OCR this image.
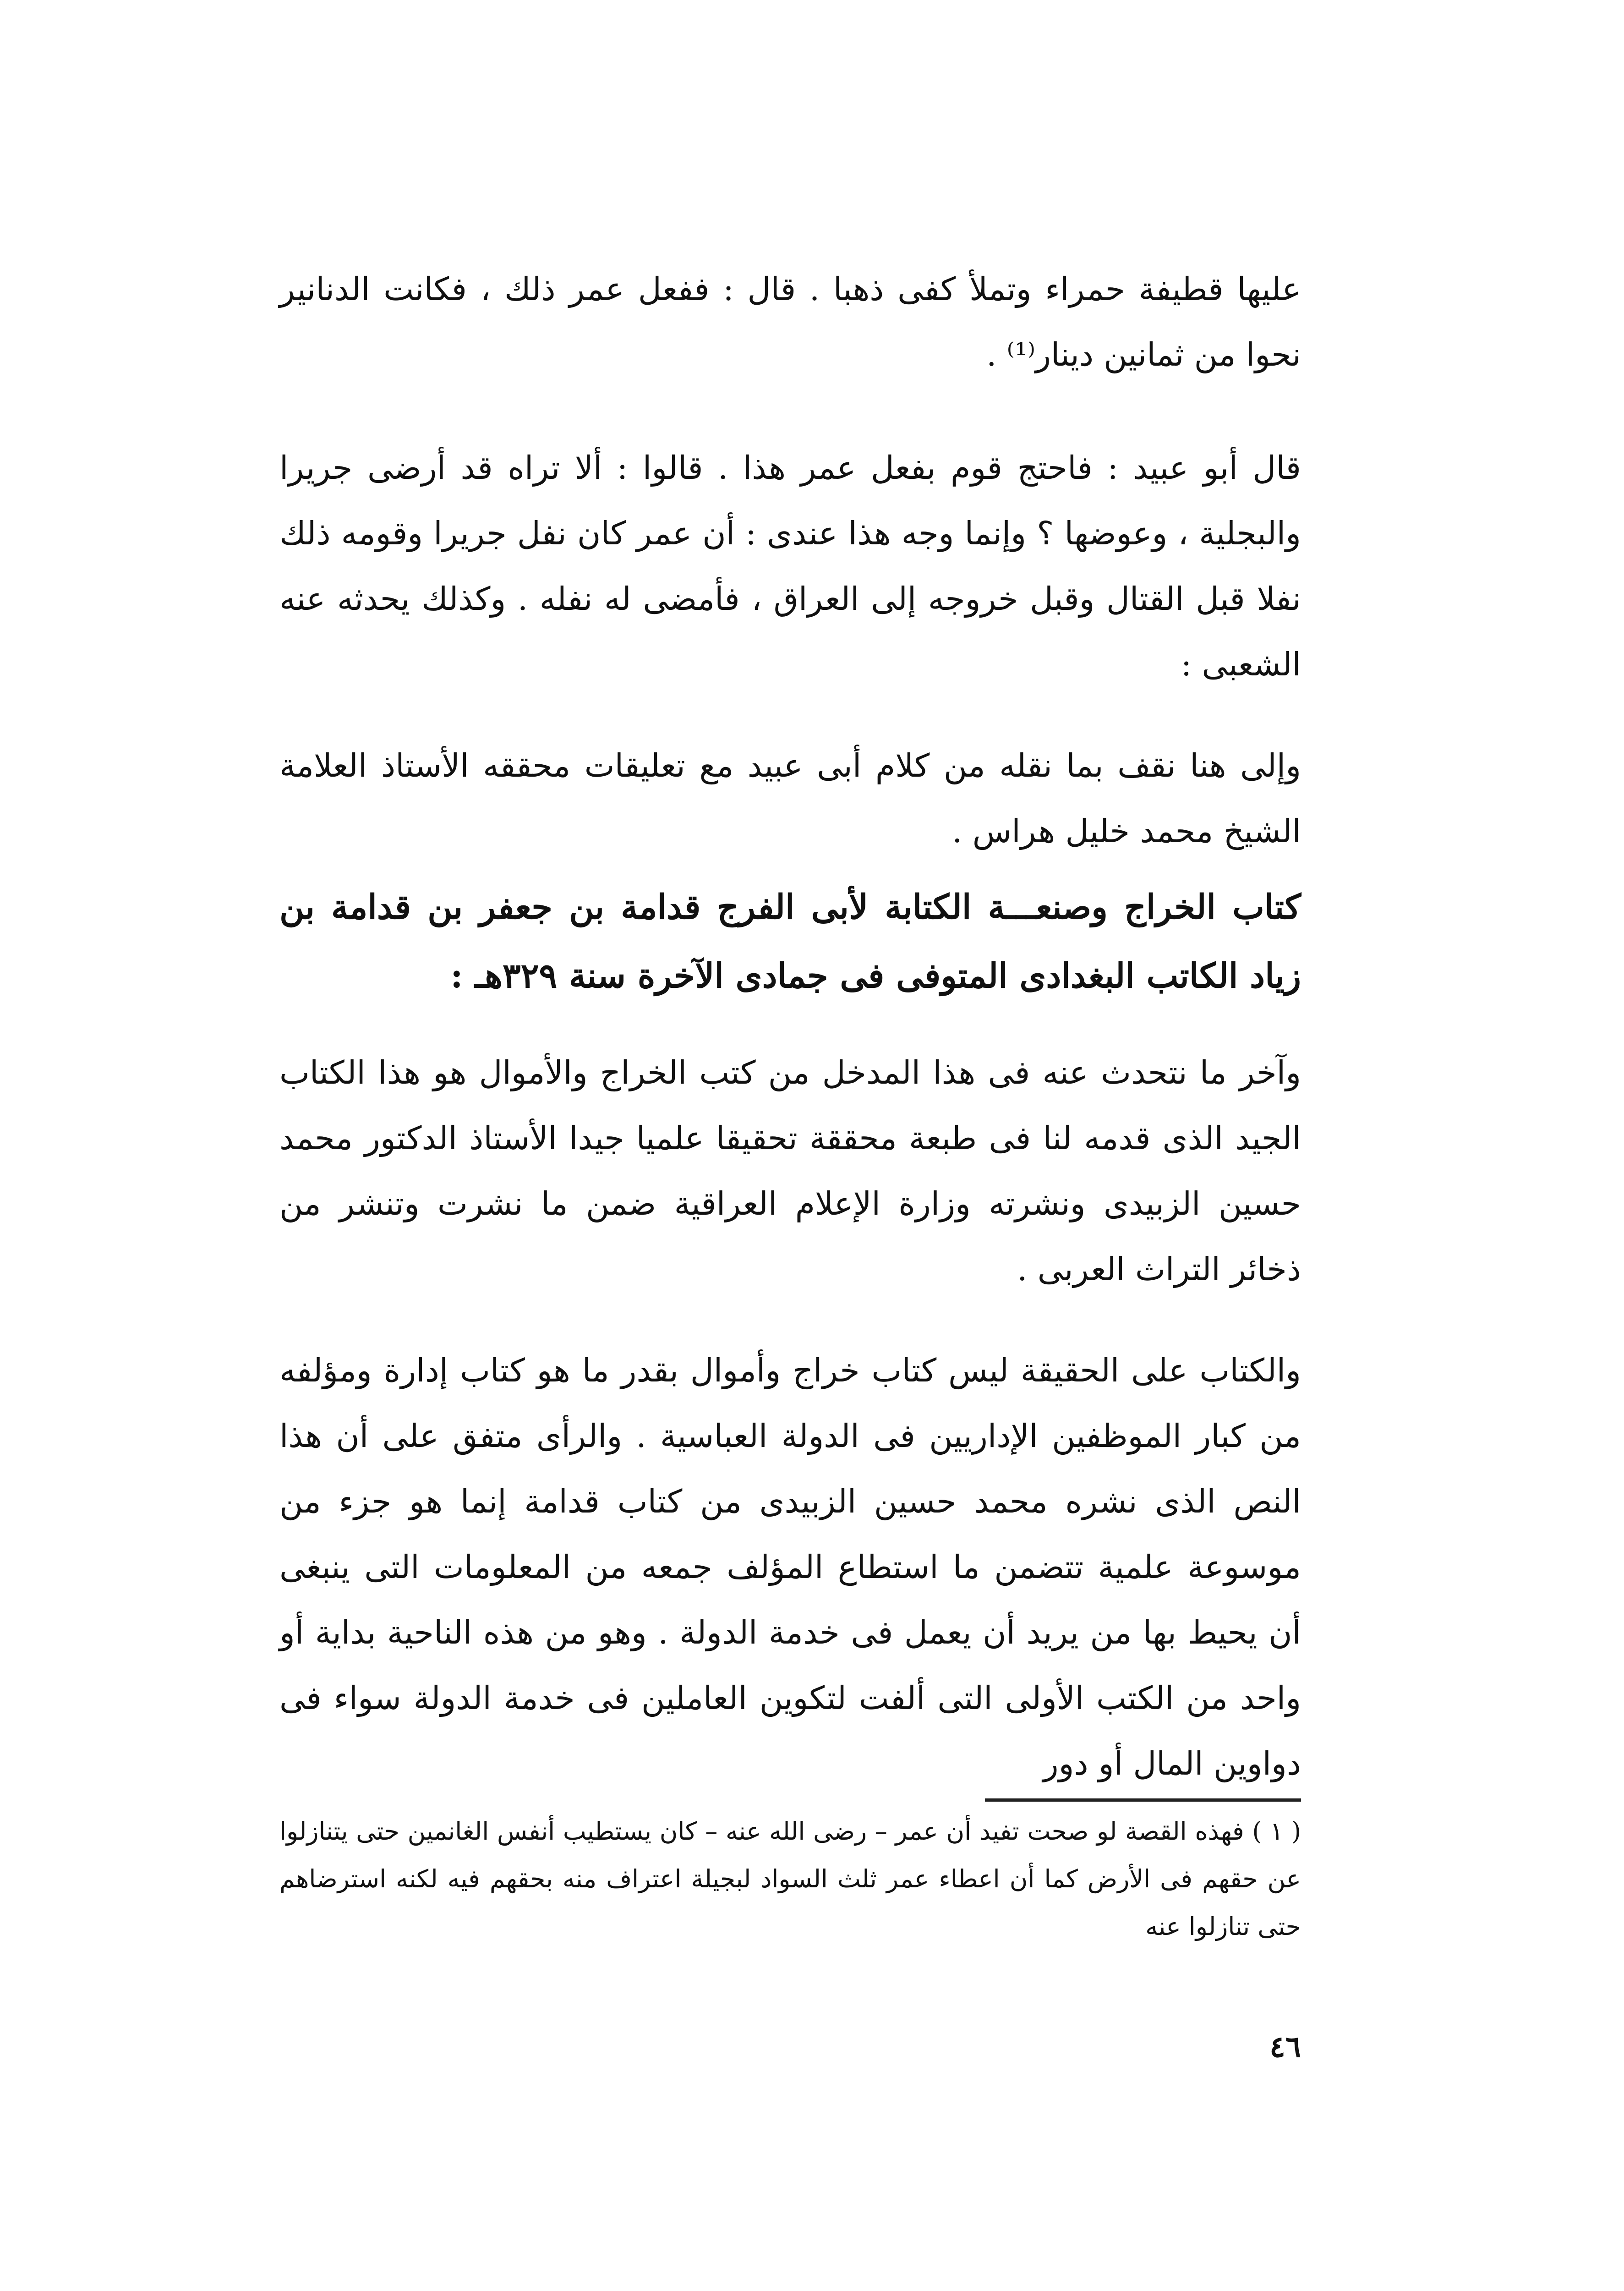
عليها قطيفة حمراء وتملأ كفى ذهبا . قال : ففعل عمر ذلك ، فكانت الدنانير نحوا من ثمانين دينار⁽¹⁾ .

قال أبو عبيد : فاحتج قوم بفعل عمر هذا . قالوا : ألا تراه قد أرضى جريرا والبجلية ، وعوضها ؟ وإنما وجه هذا عندى : أن عمر كان نفل جريرا وقومه ذلك نفلا قبل القتال وقبل خروجه إلى العراق ، فأمضى له نفله . وكذلك يحدثه عنه الشعبى :

وإلى هنا نقف بما نقله من كلام أبى عبيد مع تعليقات محققه الأستاذ العلامة الشيخ محمد خليل هراس .

كتاب الخراج وصنعـــة الكتابة لأبى الفرج قدامة بن جعفر بن قدامة بن زياد الكاتب البغدادى المتوفى فى جمادى الآخرة سنة ٣٢٩هـ :

وآخر ما نتحدث عنه فى هذا المدخل من كتب الخراج والأموال هو هذا الكتاب الجيد الذى قدمه لنا فى طبعة محققة تحقيقا علميا جيدا الأستاذ الدكتور محمد حسين الزبيدى ونشرته وزارة الإعلام العراقية ضمن ما نشرت وتنشر من ذخائر التراث العربى .

والكتاب على الحقيقة ليس كتاب خراج وأموال بقدر ما هو كتاب إدارة ومؤلفه من كبار الموظفين الإداريين فى الدولة العباسية . والرأى متفق على أن هذا النص الذى نشره محمد حسين الزبيدى من كتاب قدامة إنما هو جزء من موسوعة علمية تتضمن ما استطاع المؤلف جمعه من المعلومات التى ينبغى أن يحيط بها من يريد أن يعمل فى خدمة الدولة . وهو من هذه الناحية بداية أو واحد من الكتب الأولى التى ألفت لتكوين العاملين فى خدمة الدولة سواء فى دواوين المال أو دور

( ١ ) فهذه القصة لو صحت تفيد أن عمر – رضى الله عنه – كان يستطيب أنفس الغانمين حتى يتنازلوا عن حقهم فى الأرض كما أن اعطاء عمر ثلث السواد لبجيلة اعتراف منه بحقهم فيه لكنه استرضاهم حتى تنازلوا عنه

٤٦
